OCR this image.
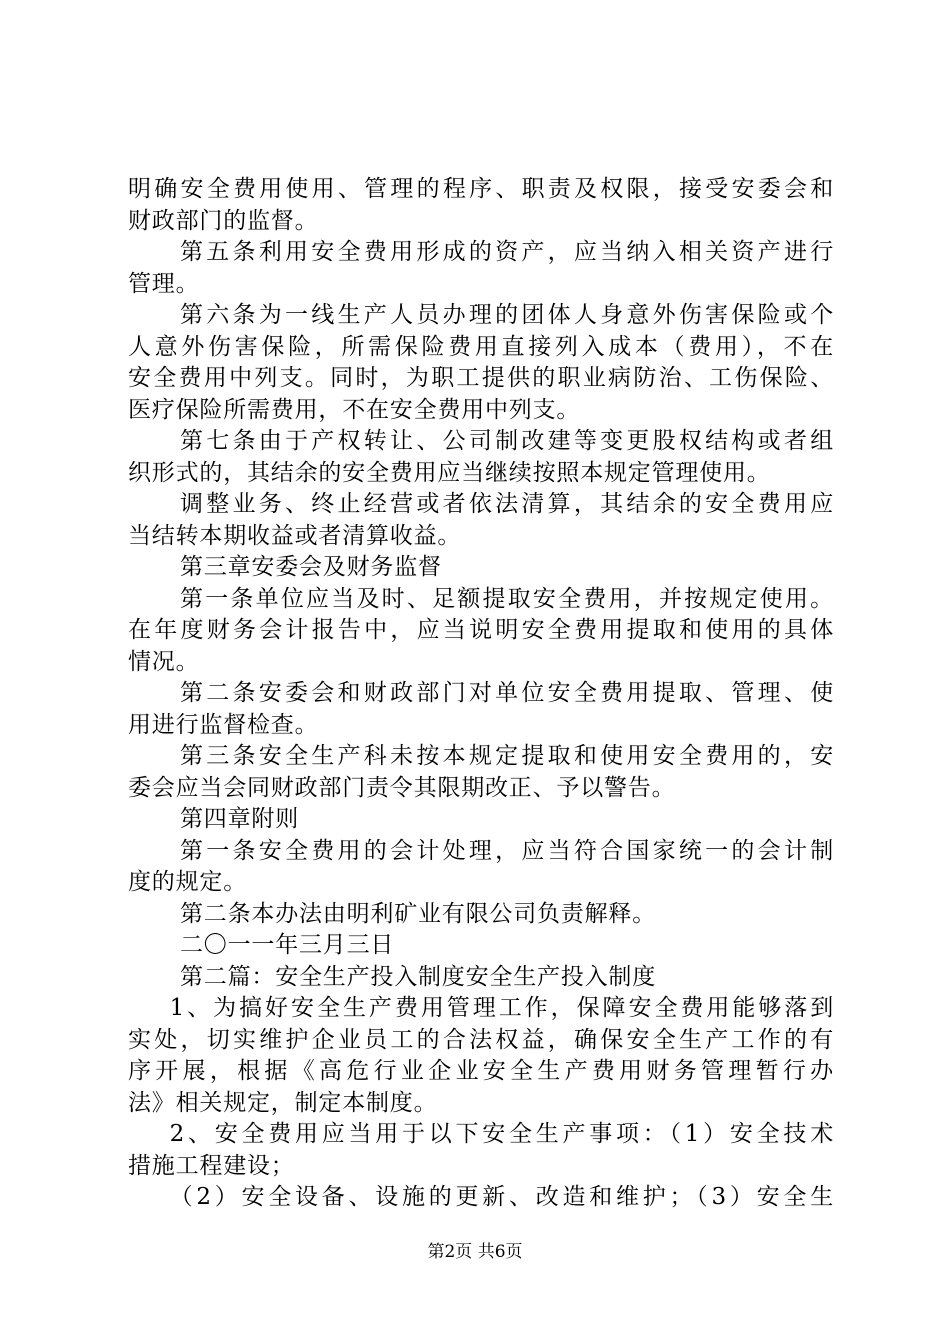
明确安全费用使用、管理的程序、职责及权限，接受安委会和
财政部门的监督。
第五条利用安全费用形成的资产，应当纳入相关资产进行
管理。
第六条为一线生产人员办理的团体人身意外伤害保险或个
人意外伤害保险，所需保险费用直接列入成本（费用），不在
安全费用中列支。同时，为职工提供的职业病防治、工伤保险、
医疗保险所需费用，不在安全费用中列支。
第七条由于产权转让、公司制改建等变更股权结构或者组
织形式的，其结余的安全费用应当继续按照本规定管理使用。
调整业务、终止经营或者依法清算，其结余的安全费用应
当结转本期收益或者清算收益。
第三章安委会及财务监督
第一条单位应当及时、足额提取安全费用，并按规定使用。
在年度财务会计报告中，应当说明安全费用提取和使用的具体
情况。
第二条安委会和财政部门对单位安全费用提取、管理、使
用进行监督检查。
第三条安全生产科未按本规定提取和使用安全费用的，安
委会应当会同财政部门责令其限期改正、予以警告。
第四章附则
第一条安全费用的会计处理，应当符合国家统一的会计制
度的规定。
第二条本办法由明利矿业有限公司负责解释。
二〇一一年三月三日
第二篇：安全生产投入制度安全生产投入制度
1、为搞好安全生产费用管理工作，保障安全费用能够落到
实处，切实维护企业员工的合法权益，确保安全生产工作的有
序开展，根据《高危行业企业安全生产费用财务管理暂行办
法》相关规定，制定本制度。
2、安全费用应当用于以下安全生产事项：（1）安全技术
措施工程建设；
（2）安全设备、设施的更新、改造和维护；（3）安全生
第2页 共6页
